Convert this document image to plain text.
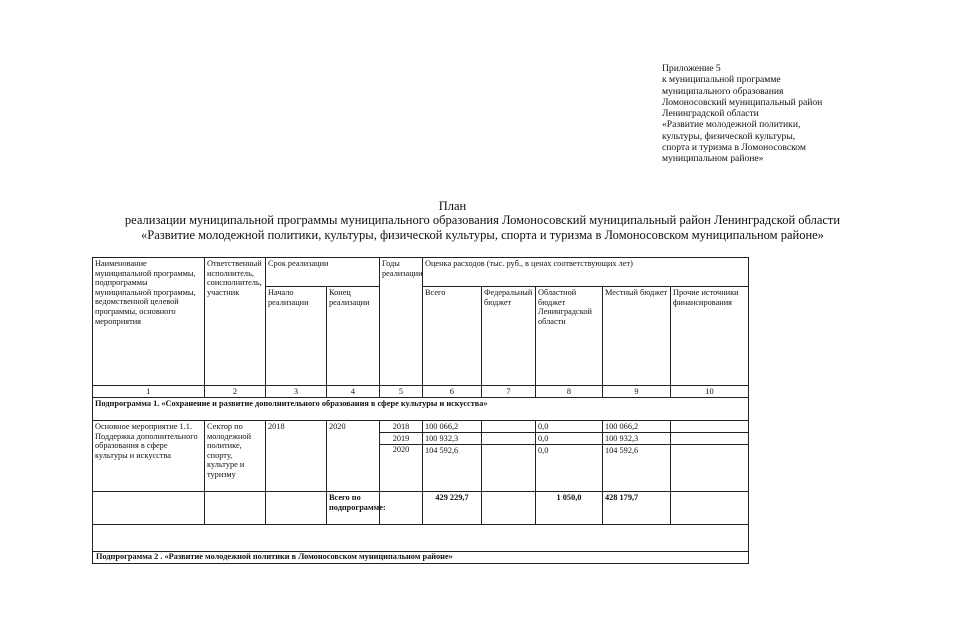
Приложение 5
к муниципальной программе
муниципального образования
Ломоносовский муниципальный район
Ленинградской области
«Развитие молодежной политики,
культуры, физической культуры,
спорта и туризма в Ломоносовском
муниципальном районе»
План
реализации муниципальной программы муниципального образования Ломоносовский муниципальный район Ленинградской области
«Развитие молодежной политики, культуры, физической культуры, спорта и туризма в Ломоносовском муниципальном районе»
Наименование муниципальной программы, подпрограммы муниципальной программы, ведомственной целевой программы, основного мероприятия	Ответственный исполнитель, соисполнитель, участник	Срок реализации		Годы реализации	Оценка расходов (тыс. руб., в ценах соответствующих лет)				
		Начало реализации	Конец реализации		Всего	Федеральный бюджет	Областной бюджет Ленинградской области	Местный бюджет	Прочие источники финансирования
1	2	3	4	5	6	7	8	9	10
Подпрограмма 1. «Сохранение и развитие дополнительного образования в сфере культуры и искусства»									
Основное мероприятие 1.1. Поддержка дополнительного образования в сфере культуры и искусства	Сектор по молодежной политике, спорту, культуре и туризму	2018	2020	2018	100 066,2		0,0	100 066,2	
				2019	100 932,3		0,0	100 932,3	
				2020	104 592,6		0,0	104 592,6	
			Всего по подпрограмме:		429 229,7		1 050,0	428 179,7	

Подпрограмма 2 . «Развитие молодежной политики в Ломоносовском муниципальном районе»									
